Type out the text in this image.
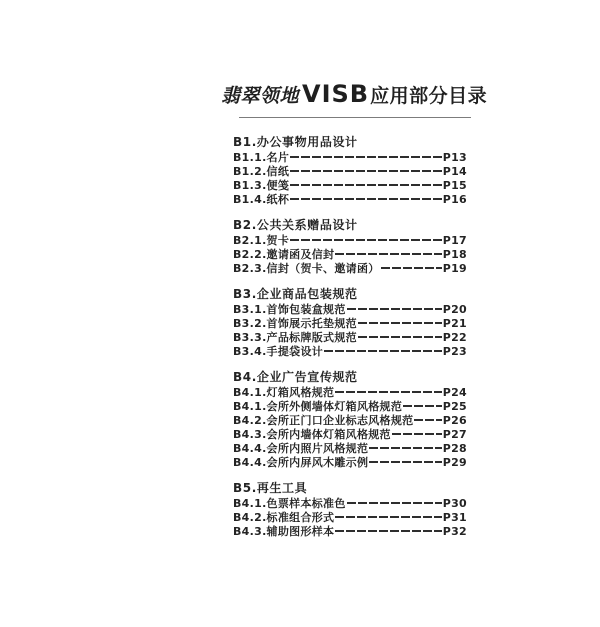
翡翠领地 VISB 应用部分目录
B1.办公事物用品设计
B1.1.名片	P13
B1.2.信纸	P14
B1.3.便笺	P15
B1.4.纸杯	P16
B2.公共关系赠品设计
B2.1.贺卡	P17
B2.2.邀请函及信封	P18
B2.3.信封（贺卡、邀请函）	P19
B3.企业商品包装规范
B3.1.首饰包装盒规范	P20
B3.2.首饰展示托垫规范	P21
B3.3.产品标牌版式规范	P22
B3.4.手提袋设计	P23
B4.企业广告宣传规范
B4.1.灯箱风格规范	P24
B4.1.会所外侧墙体灯箱风格规范	P25
B4.2.会所正门口企业标志风格规范	P26
B4.3.会所内墙体灯箱风格规范	P27
B4.4.会所内照片风格规范	P28
B4.4.会所内屏风木雕示例	P29
B5.再生工具
B4.1.色票样本标准色	P30
B4.2.标准组合形式	P31
B4.3.辅助图形样本	P32
